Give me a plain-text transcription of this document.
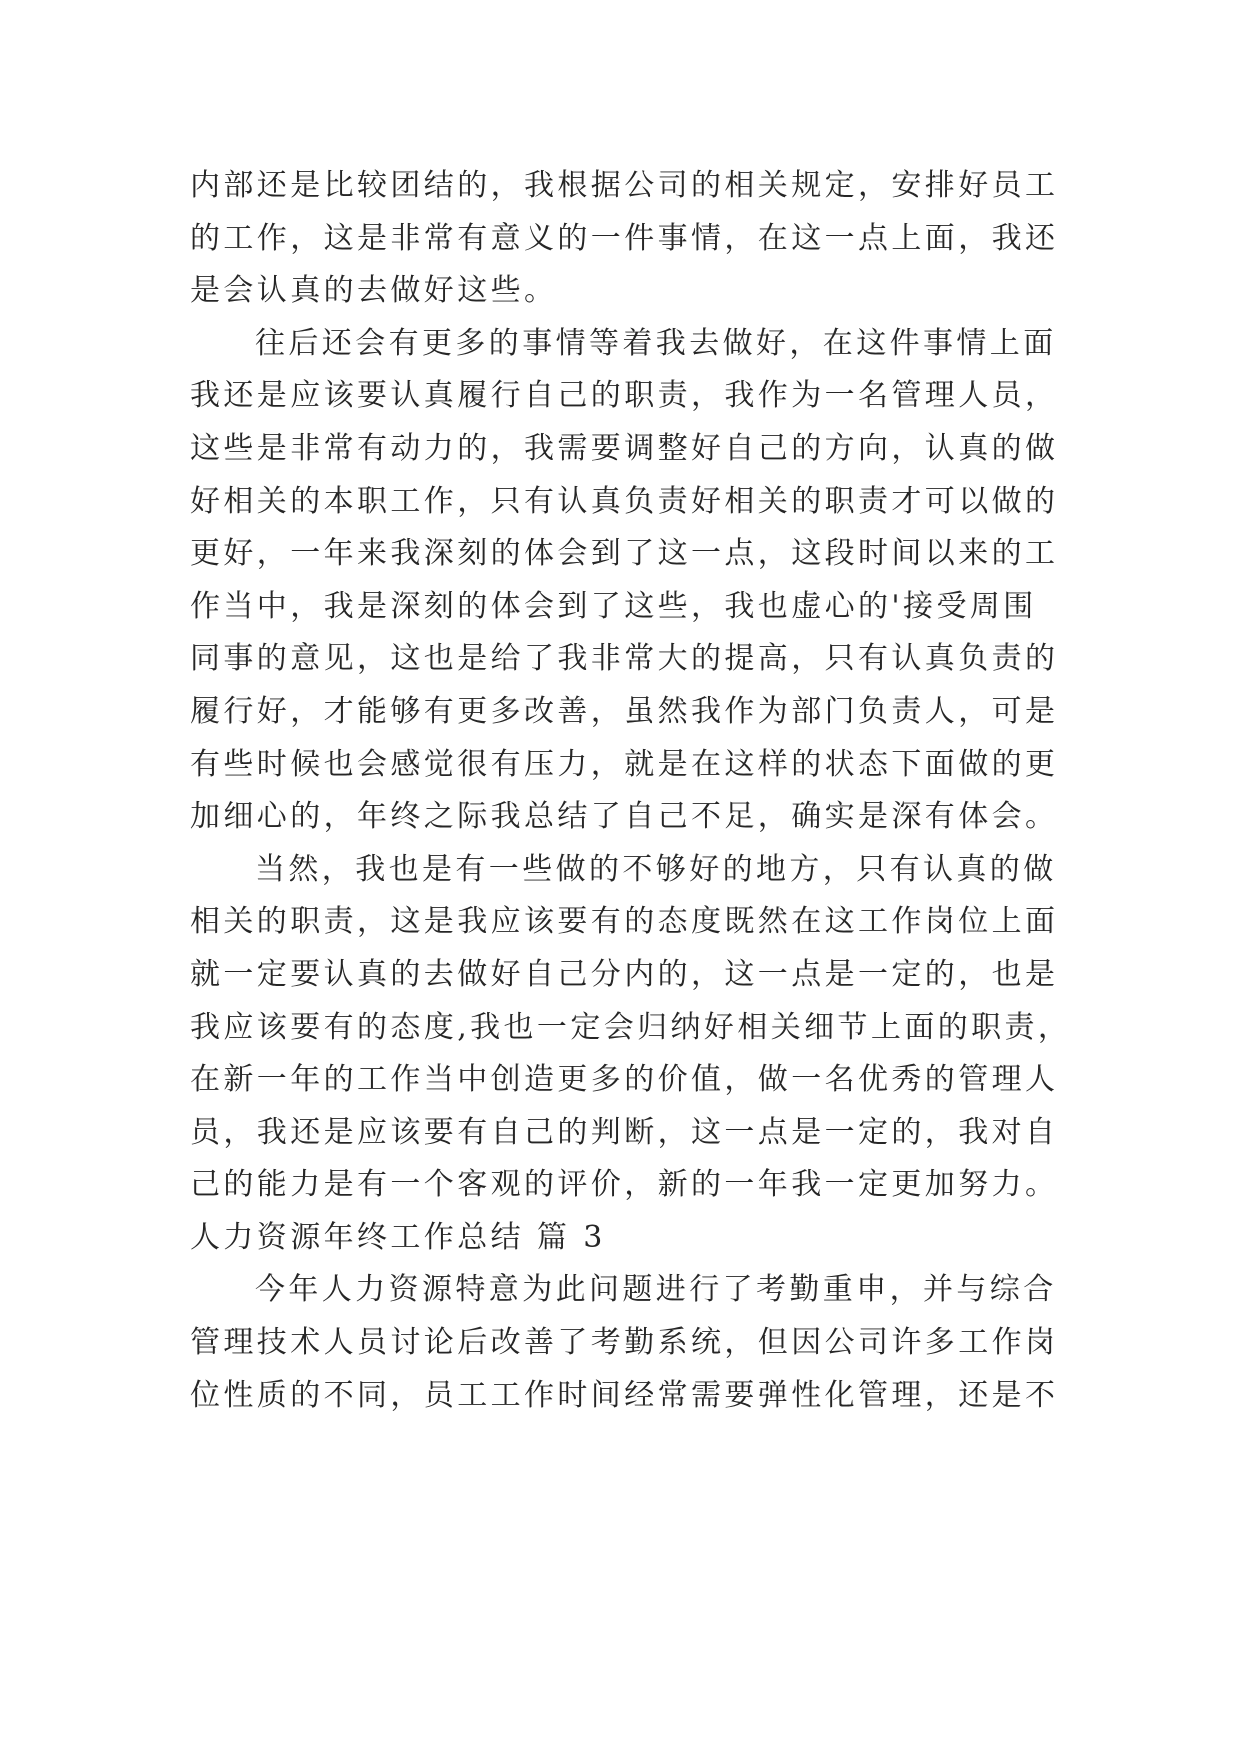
内部还是比较团结的，我根据公司的相关规定，安排好员工
的工作，这是非常有意义的一件事情，在这一点上面，我还
是会认真的去做好这些。
往后还会有更多的事情等着我去做好，在这件事情上面
我还是应该要认真履行自己的职责，我作为一名管理人员，
这些是非常有动力的，我需要调整好自己的方向，认真的做
好相关的本职工作，只有认真负责好相关的职责才可以做的
更好，一年来我深刻的体会到了这一点，这段时间以来的工
作当中，我是深刻的体会到了这些，我也虚心的'接受周围
同事的意见，这也是给了我非常大的提高，只有认真负责的
履行好，才能够有更多改善，虽然我作为部门负责人，可是
有些时候也会感觉很有压力，就是在这样的状态下面做的更
加细心的，年终之际我总结了自己不足，确实是深有体会。
当然，我也是有一些做的不够好的地方，只有认真的做
相关的职责，这是我应该要有的态度既然在这工作岗位上面
就一定要认真的去做好自己分内的，这一点是一定的，也是
我应该要有的态度,我也一定会归纳好相关细节上面的职责，
在新一年的工作当中创造更多的价值，做一名优秀的管理人
员，我还是应该要有自己的判断，这一点是一定的，我对自
己的能力是有一个客观的评价，新的一年我一定更加努力。
人力资源年终工作总结 篇 3
今年人力资源特意为此问题进行了考勤重申，并与综合
管理技术人员讨论后改善了考勤系统，但因公司许多工作岗
位性质的不同，员工工作时间经常需要弹性化管理，还是不
